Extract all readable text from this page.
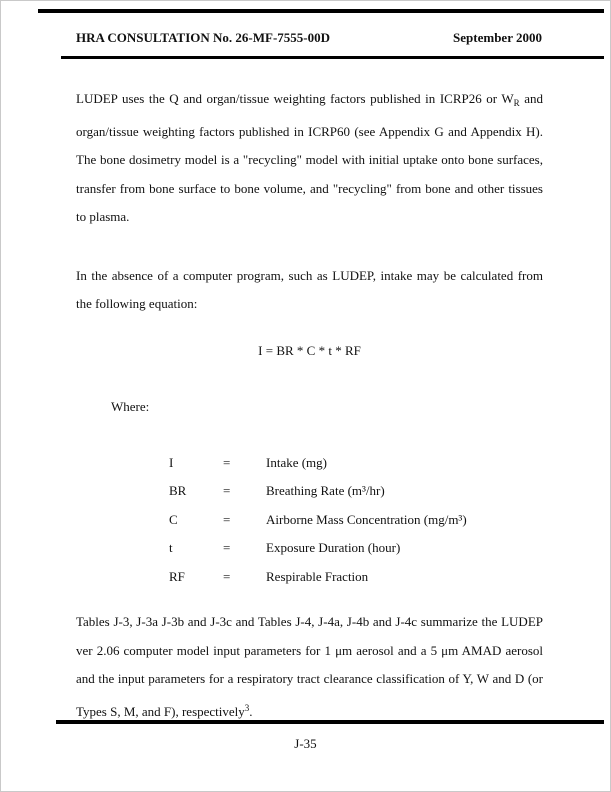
HRA CONSULTATION No. 26-MF-7555-00D	September 2000

LUDEP uses the Q and organ/tissue weighting factors published in ICRP26 or $W_R$ and organ/tissue weighting factors published in ICRP60 (see Appendix G and Appendix H). The bone dosimetry model is a "recycling" model with initial uptake onto bone surfaces, transfer from bone surface to bone volume, and "recycling" from bone and other tissues to plasma.

In the absence of a computer program, such as LUDEP, intake may be calculated from the following equation:

I = BR * C * t * RF
Where:
I	=	Intake (mg)
BR	=	Breathing Rate (m³/hr)
C	=	Airborne Mass Concentration (mg/m³)
t	=	Exposure Duration (hour)
RF	=	Respirable Fraction

Tables J-3, J-3a J-3b and J-3c and Tables J-4, J-4a, J-4b and J-4c summarize the LUDEP ver 2.06 computer model input parameters for 1 μm aerosol and a 5 μm AMAD aerosol and the input parameters for a respiratory tract clearance classification of Y, W and D (or Types S, M, and F), respectively$^3$.

J-35
